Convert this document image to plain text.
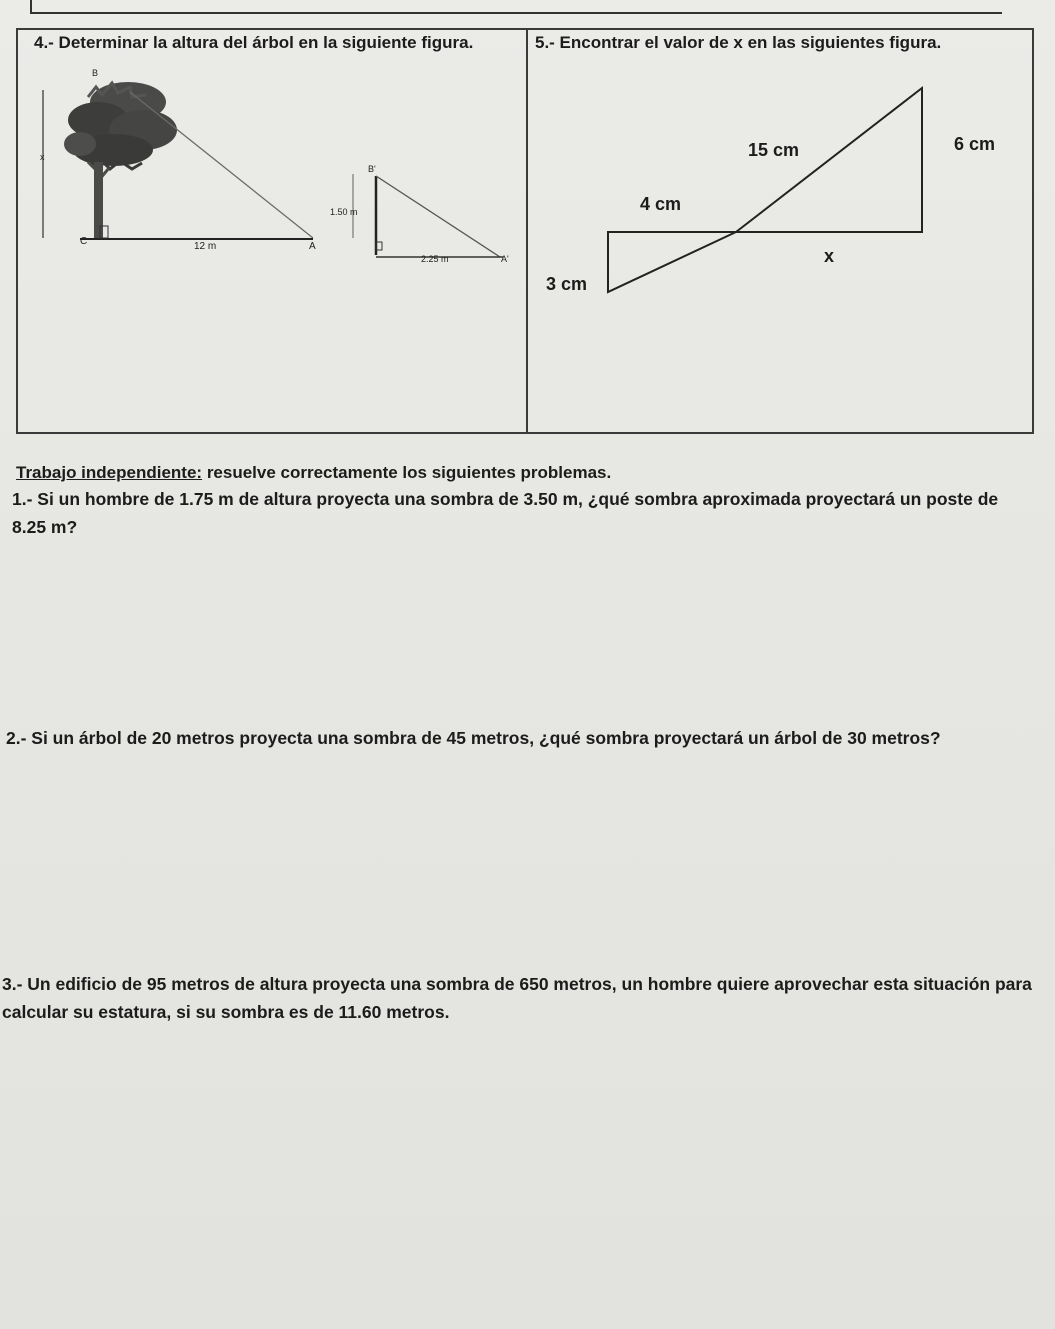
4.- Determinar la altura del árbol en la siguiente figura.
x
B
C	12 m	A
B'
1.50 m
2.25 m	A'
5.- Encontrar el valor de x en las siguientes figura.
15 cm	6 cm
4 cm
x
3 cm
Trabajo independiente: resuelve correctamente los siguientes problemas.
1.- Si un hombre de 1.75 m de altura proyecta una sombra de 3.50 m, ¿qué sombra aproximada proyectará un poste de 8.25 m?
2.- Si un árbol de 20 metros proyecta una sombra de 45 metros, ¿qué sombra proyectará un árbol de 30 metros?
3.- Un edificio de 95 metros de altura proyecta una sombra de 650 metros, un hombre quiere aprovechar esta situación para calcular su estatura, si su sombra es de 11.60 metros.
